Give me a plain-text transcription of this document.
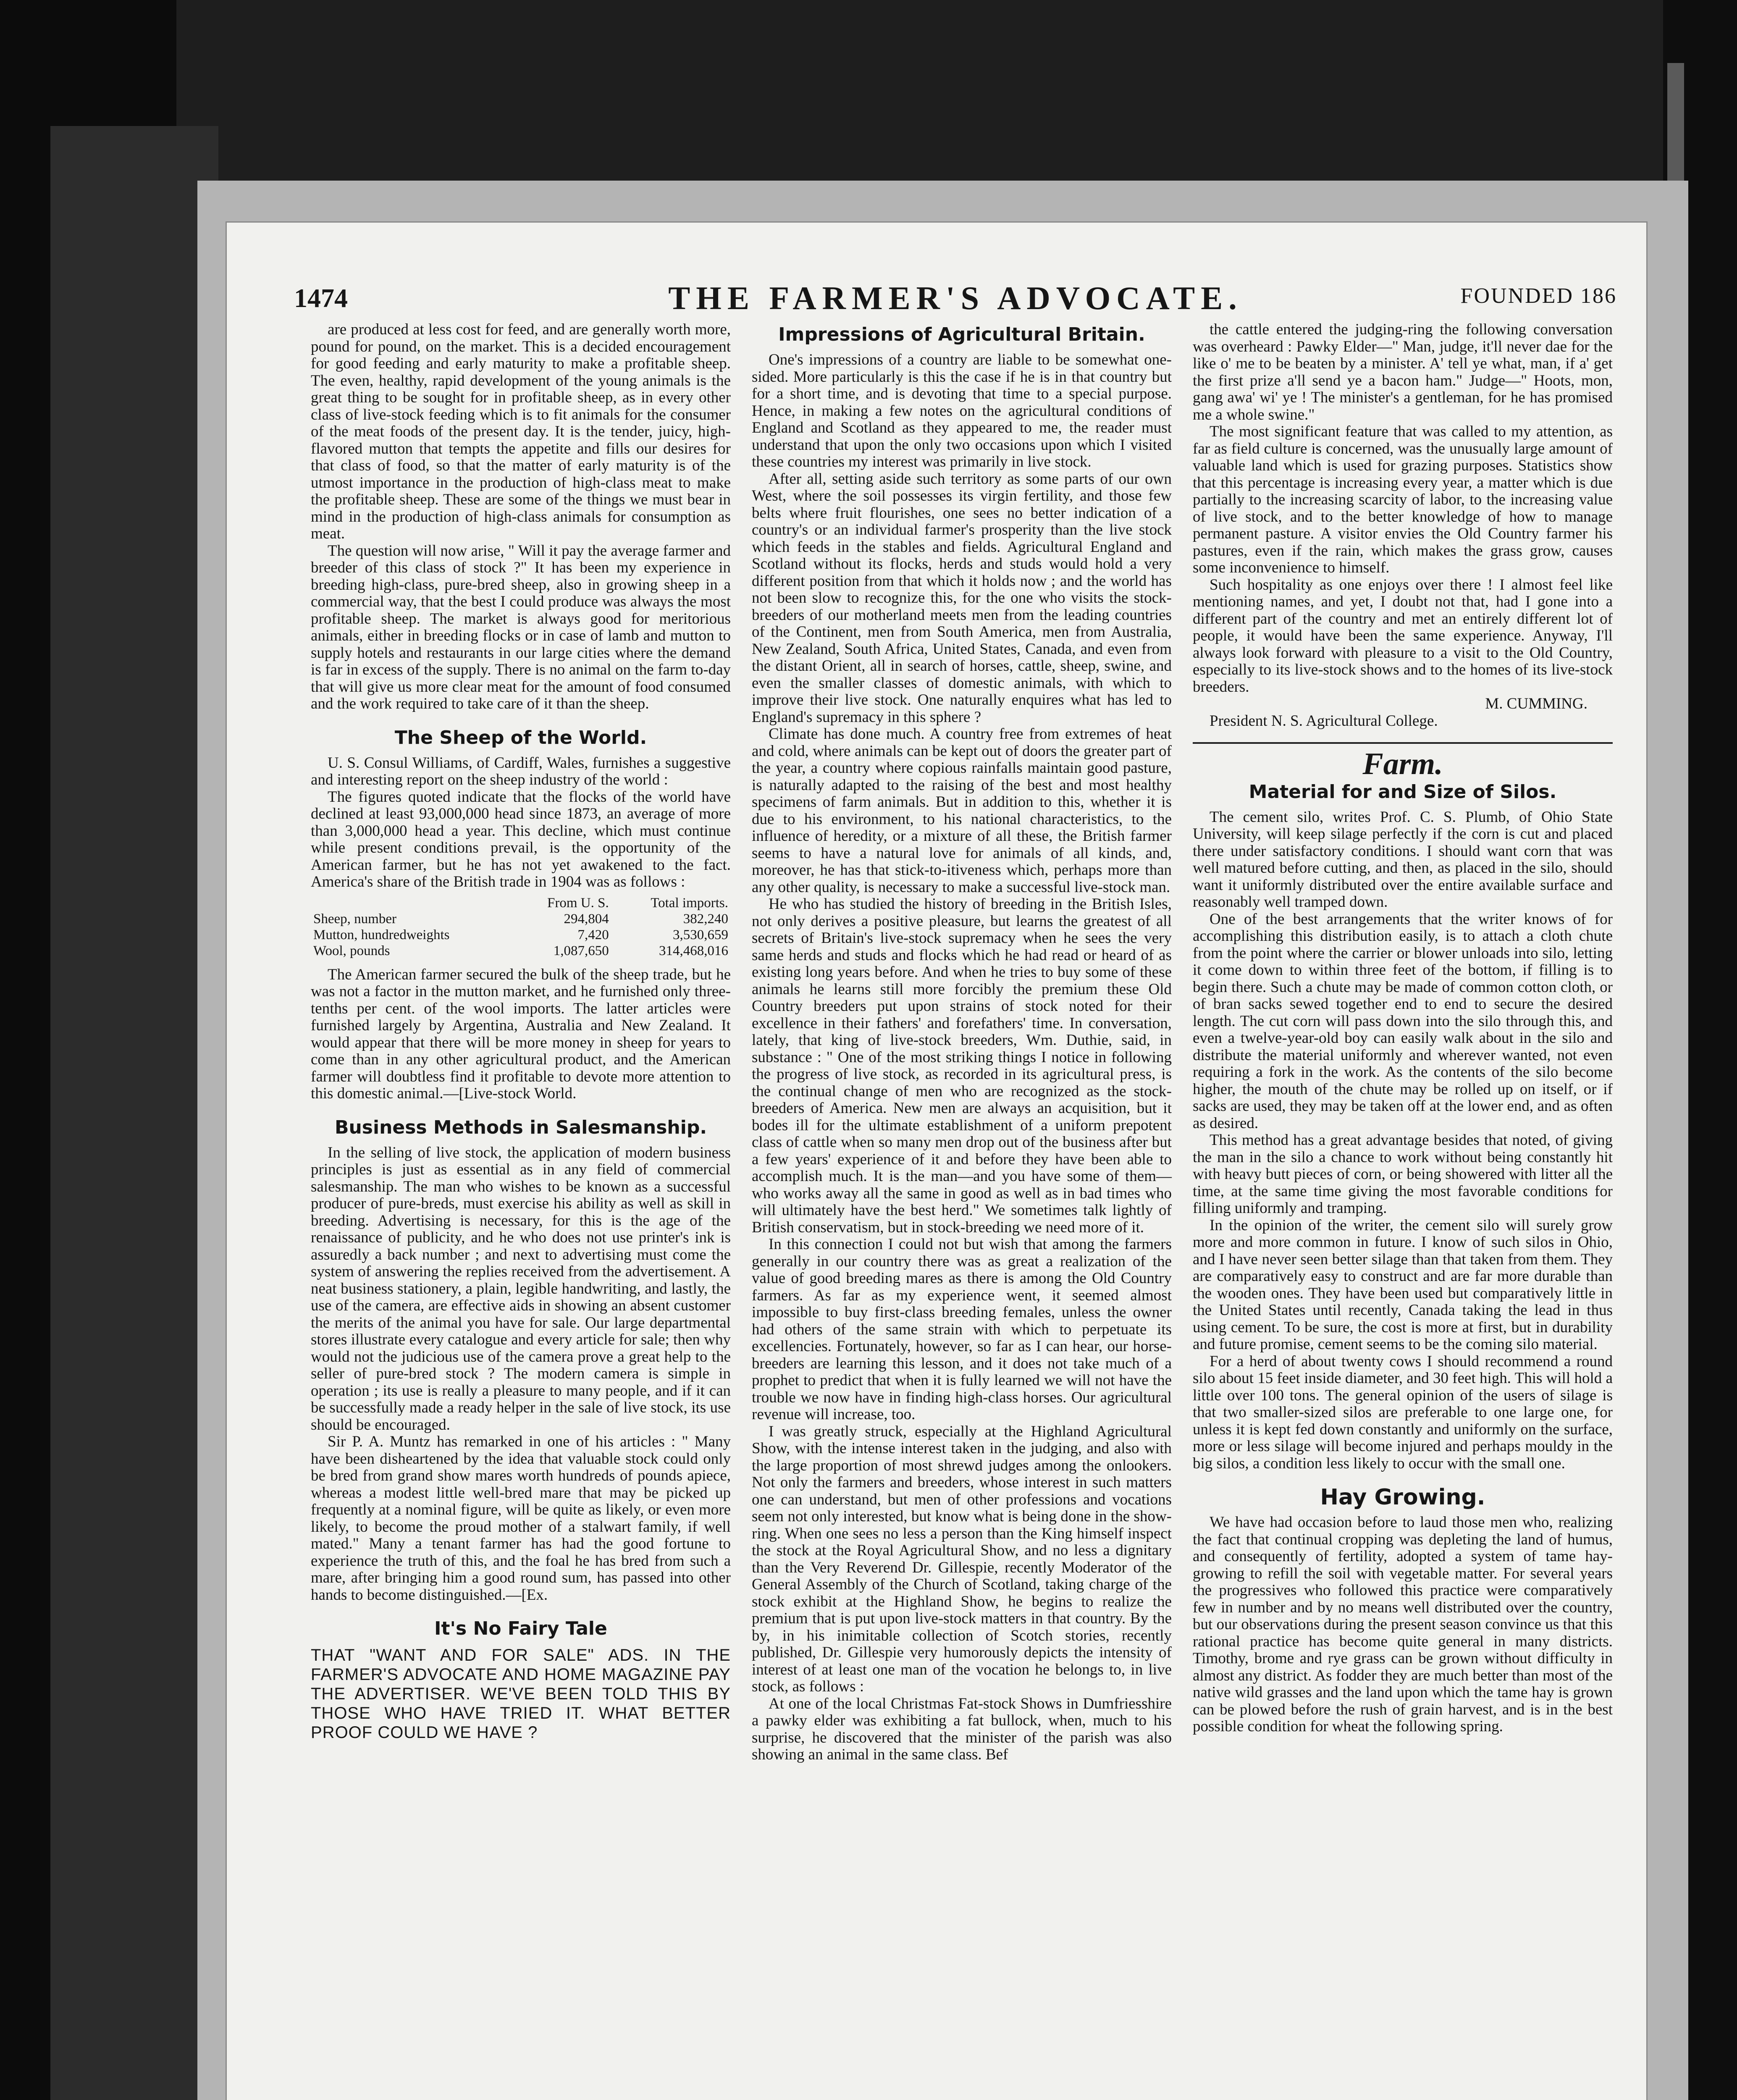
1474	THE FARMER'S ADVOCATE.	FOUNDED 186

are produced at less cost for feed, and are generally worth more, pound for pound, on the market. This is a decided encouragement for good feeding and early maturity to make a profitable sheep. The even, healthy, rapid development of the young animals is the great thing to be sought for in profitable sheep, as in every other class of live-stock feeding which is to fit animals for the consumer of the meat foods of the present day. It is the tender, juicy, high-flavored mutton that tempts the appetite and fills our desires for that class of food, so that the matter of early maturity is of the utmost importance in the production of high-class meat to make the profitable sheep. These are some of the things we must bear in mind in the production of high-class animals for consumption as meat.

The question will now arise, " Will it pay the average farmer and breeder of this class of stock ?" It has been my experience in breeding high-class, pure-bred sheep, also in growing sheep in a commercial way, that the best I could produce was always the most profitable sheep. The market is always good for meritorious animals, either in breeding flocks or in case of lamb and mutton to supply hotels and restaurants in our large cities where the demand is far in excess of the supply. There is no animal on the farm to-day that will give us more clear meat for the amount of food consumed and the work required to take care of it than the sheep.

The Sheep of the World.

U. S. Consul Williams, of Cardiff, Wales, furnishes a suggestive and interesting report on the sheep industry of the world :

The figures quoted indicate that the flocks of the world have declined at least 93,000,000 head since 1873, an average of more than 3,000,000 head a year. This decline, which must continue while present conditions prevail, is the opportunity of the American farmer, but he has not yet awakened to the fact. America's share of the British trade in 1904 was as follows :

	From U. S.	Total imports.
Sheep, number	294,804	382,240
Mutton, hundredweights	7,420	3,530,659
Wool, pounds	1,087,650	314,468,016

The American farmer secured the bulk of the sheep trade, but he was not a factor in the mutton market, and he furnished only three-tenths per cent. of the wool imports. The latter articles were furnished largely by Argentina, Australia and New Zealand. It would appear that there will be more money in sheep for years to come than in any other agricultural product, and the American farmer will doubtless find it profitable to devote more attention to this domestic animal.—[Live-stock World.

Business Methods in Salesmanship.

In the selling of live stock, the application of modern business principles is just as essential as in any field of commercial salesmanship. The man who wishes to be known as a successful producer of pure-breds, must exercise his ability as well as skill in breeding. Advertising is necessary, for this is the age of the renaissance of publicity, and he who does not use printer's ink is assuredly a back number ; and next to advertising must come the system of answering the replies received from the advertisement. A neat business stationery, a plain, legible handwriting, and lastly, the use of the camera, are effective aids in showing an absent customer the merits of the animal you have for sale. Our large departmental stores illustrate every catalogue and every article for sale; then why would not the judicious use of the camera prove a great help to the seller of pure-bred stock ? The modern camera is simple in operation ; its use is really a pleasure to many people, and if it can be successfully made a ready helper in the sale of live stock, its use should be encouraged.

Sir P. A. Muntz has remarked in one of his articles : " Many have been disheartened by the idea that valuable stock could only be bred from grand show mares worth hundreds of pounds apiece, whereas a modest little well-bred mare that may be picked up frequently at a nominal figure, will be quite as likely, or even more likely, to become the proud mother of a stalwart family, if well mated." Many a tenant farmer has had the good fortune to experience the truth of this, and the foal he has bred from such a mare, after bringing him a good round sum, has passed into other hands to become distinguished.—[Ex.

It's No Fairy Tale

THAT "WANT AND FOR SALE" ADS. IN THE FARMER'S ADVOCATE AND HOME MAGAZINE PAY THE ADVERTISER. WE'VE BEEN TOLD THIS BY THOSE WHO HAVE TRIED IT. WHAT BETTER PROOF COULD WE HAVE ?

Impressions of Agricultural Britain.

One's impressions of a country are liable to be somewhat one-sided. More particularly is this the case if he is in that country but for a short time, and is devoting that time to a special purpose. Hence, in making a few notes on the agricultural conditions of England and Scotland as they appeared to me, the reader must understand that upon the only two occasions upon which I visited these countries my interest was primarily in live stock.

After all, setting aside such territory as some parts of our own West, where the soil possesses its virgin fertility, and those few belts where fruit flourishes, one sees no better indication of a country's or an individual farmer's prosperity than the live stock which feeds in the stables and fields. Agricultural England and Scotland without its flocks, herds and studs would hold a very different position from that which it holds now ; and the world has not been slow to recognize this, for the one who visits the stock-breeders of our motherland meets men from the leading countries of the Continent, men from South America, men from Australia, New Zealand, South Africa, United States, Canada, and even from the distant Orient, all in search of horses, cattle, sheep, swine, and even the smaller classes of domestic animals, with which to improve their live stock. One naturally enquires what has led to England's supremacy in this sphere ?

Climate has done much. A country free from extremes of heat and cold, where animals can be kept out of doors the greater part of the year, a country where copious rainfalls maintain good pasture, is naturally adapted to the raising of the best and most healthy specimens of farm animals. But in addition to this, whether it is due to his environment, to his national characteristics, to the influence of heredity, or a mixture of all these, the British farmer seems to have a natural love for animals of all kinds, and, moreover, he has that stick-to-itiveness which, perhaps more than any other quality, is necessary to make a successful live-stock man.

He who has studied the history of breeding in the British Isles, not only derives a positive pleasure, but learns the greatest of all secrets of Britain's live-stock supremacy when he sees the very same herds and studs and flocks which he had read or heard of as existing long years before. And when he tries to buy some of these animals he learns still more forcibly the premium these Old Country breeders put upon strains of stock noted for their excellence in their fathers' and forefathers' time. In conversation, lately, that king of live-stock breeders, Wm. Duthie, said, in substance : " One of the most striking things I notice in following the progress of live stock, as recorded in its agricultural press, is the continual change of men who are recognized as the stock-breeders of America. New men are always an acquisition, but it bodes ill for the ultimate establishment of a uniform prepotent class of cattle when so many men drop out of the business after but a few years' experience of it and before they have been able to accomplish much. It is the man—and you have some of them—who works away all the same in good as well as in bad times who will ultimately have the best herd." We sometimes talk lightly of British conservatism, but in stock-breeding we need more of it.

In this connection I could not but wish that among the farmers generally in our country there was as great a realization of the value of good breeding mares as there is among the Old Country farmers. As far as my experience went, it seemed almost impossible to buy first-class breeding females, unless the owner had others of the same strain with which to perpetuate its excellencies. Fortunately, however, so far as I can hear, our horse-breeders are learning this lesson, and it does not take much of a prophet to predict that when it is fully learned we will not have the trouble we now have in finding high-class horses. Our agricultural revenue will increase, too.

I was greatly struck, especially at the Highland Agricultural Show, with the intense interest taken in the judging, and also with the large proportion of most shrewd judges among the onlookers. Not only the farmers and breeders, whose interest in such matters one can understand, but men of other professions and vocations seem not only interested, but know what is being done in the show-ring. When one sees no less a person than the King himself inspect the stock at the Royal Agricultural Show, and no less a dignitary than the Very Reverend Dr. Gillespie, recently Moderator of the General Assembly of the Church of Scotland, taking charge of the stock exhibit at the Highland Show, he begins to realize the premium that is put upon live-stock matters in that country. By the by, in his inimitable collection of Scotch stories, recently published, Dr. Gillespie very humorously depicts the intensity of interest of at least one man of the vocation he belongs to, in live stock, as follows :

At one of the local Christmas Fat-stock Shows in Dumfriesshire a pawky elder was exhibiting a fat bullock, when, much to his surprise, he discovered that the minister of the parish was also showing an animal in the same class. Bef

the cattle entered the judging-ring the following conversation was overheard : Pawky Elder—" Man, judge, it'll never dae for the like o' me to be beaten by a minister. A' tell ye what, man, if a' get the first prize a'll send ye a bacon ham." Judge—" Hoots, mon, gang awa' wi' ye ! The minister's a gentleman, for he has promised me a whole swine."

The most significant feature that was called to my attention, as far as field culture is concerned, was the unusually large amount of valuable land which is used for grazing purposes. Statistics show that this percentage is increasing every year, a matter which is due partially to the increasing scarcity of labor, to the increasing value of live stock, and to the better knowledge of how to manage permanent pasture. A visitor envies the Old Country farmer his pastures, even if the rain, which makes the grass grow, causes some inconvenience to himself.

Such hospitality as one enjoys over there ! I almost feel like mentioning names, and yet, I doubt not that, had I gone into a different part of the country and met an entirely different lot of people, it would have been the same experience. Anyway, I'll always look forward with pleasure to a visit to the Old Country, especially to its live-stock shows and to the homes of its live-stock breeders.

M. CUMMING.

President N. S. Agricultural College.

Farm.
Material for and Size of Silos.

The cement silo, writes Prof. C. S. Plumb, of Ohio State University, will keep silage perfectly if the corn is cut and placed there under satisfactory conditions. I should want corn that was well matured before cutting, and then, as placed in the silo, should want it uniformly distributed over the entire available surface and reasonably well tramped down.

One of the best arrangements that the writer knows of for accomplishing this distribution easily, is to attach a cloth chute from the point where the carrier or blower unloads into silo, letting it come down to within three feet of the bottom, if filling is to begin there. Such a chute may be made of common cotton cloth, or of bran sacks sewed together end to end to secure the desired length. The cut corn will pass down into the silo through this, and even a twelve-year-old boy can easily walk about in the silo and distribute the material uniformly and wherever wanted, not even requiring a fork in the work. As the contents of the silo become higher, the mouth of the chute may be rolled up on itself, or if sacks are used, they may be taken off at the lower end, and as often as desired.

This method has a great advantage besides that noted, of giving the man in the silo a chance to work without being constantly hit with heavy butt pieces of corn, or being showered with litter all the time, at the same time giving the most favorable conditions for filling uniformly and tramping.

In the opinion of the writer, the cement silo will surely grow more and more common in future. I know of such silos in Ohio, and I have never seen better silage than that taken from them. They are comparatively easy to construct and are far more durable than the wooden ones. They have been used but comparatively little in the United States until recently, Canada taking the lead in thus using cement. To be sure, the cost is more at first, but in durability and future promise, cement seems to be the coming silo material.

For a herd of about twenty cows I should recommend a round silo about 15 feet inside diameter, and 30 feet high. This will hold a little over 100 tons. The general opinion of the users of silage is that two smaller-sized silos are preferable to one large one, for unless it is kept fed down constantly and uniformly on the surface, more or less silage will become injured and perhaps mouldy in the big silos, a condition less likely to occur with the small one.

Hay Growing.

We have had occasion before to laud those men who, realizing the fact that continual cropping was depleting the land of humus, and consequently of fertility, adopted a system of tame hay-growing to refill the soil with vegetable matter. For several years the progressives who followed this practice were comparatively few in number and by no means well distributed over the country, but our observations during the present season convince us that this rational practice has become quite general in many districts. Timothy, brome and rye grass can be grown without difficulty in almost any district. As fodder they are much better than most of the native wild grasses and the land upon which the tame hay is grown can be plowed before the rush of grain harvest, and is in the best possible condition for wheat the following spring.
